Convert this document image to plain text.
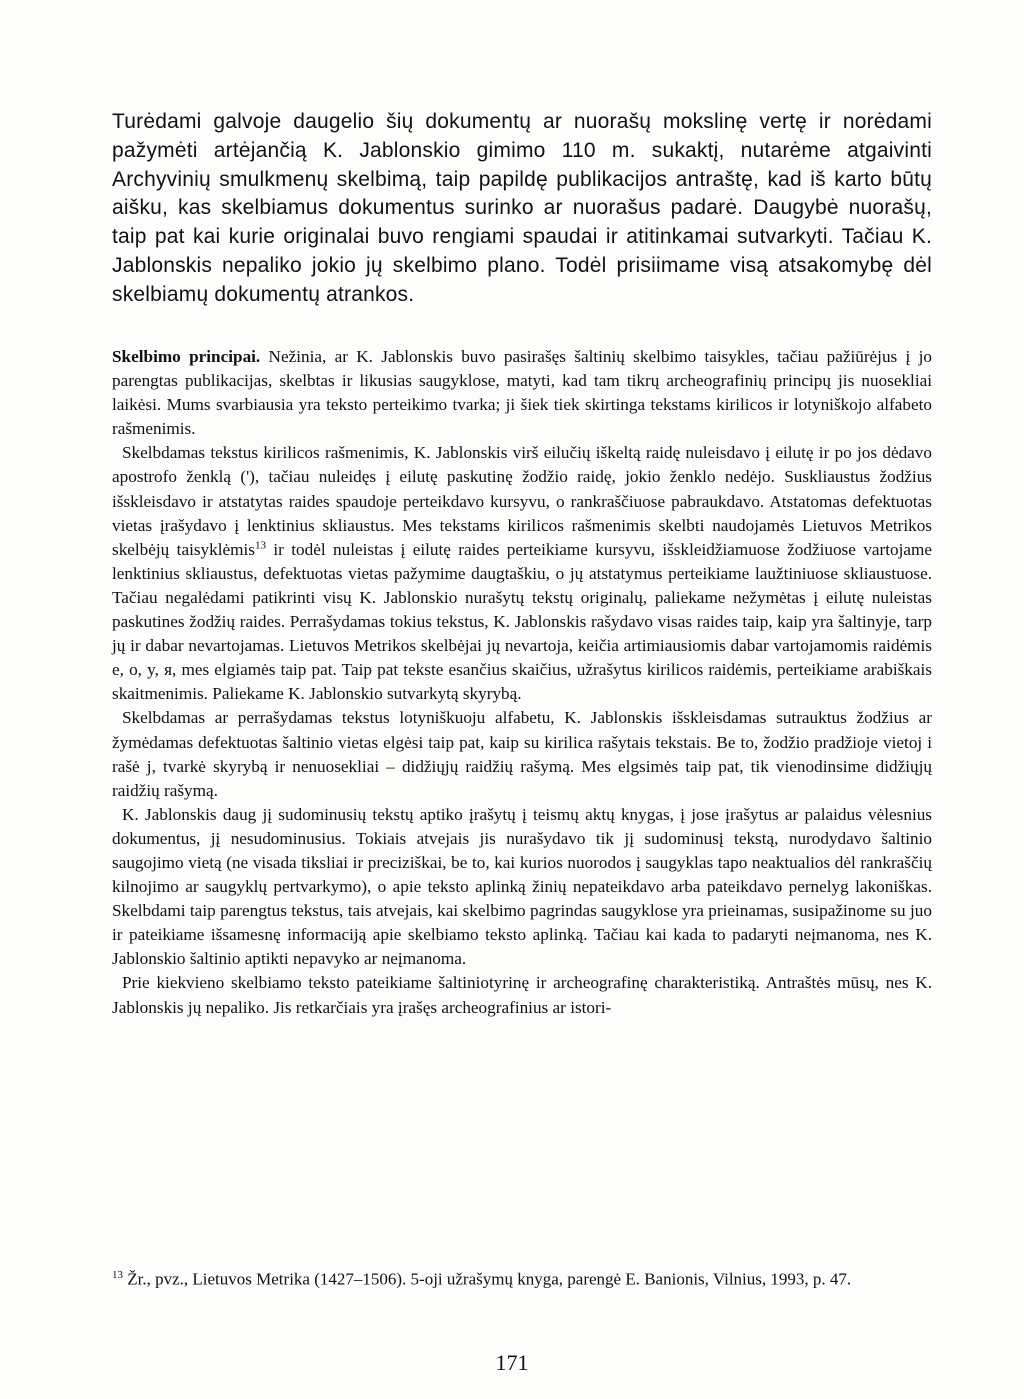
Turėdami galvoje daugelio šių dokumentų ar nuorašų mokslinę vertę ir norėdami pažymėti artėjančią K. Jablonskio gimimo 110 m. sukaktį, nutarėme atgaivinti Archyvinių smulkmenų skelbimą, taip papildę publikacijos antraštę, kad iš karto būtų aišku, kas skelbiamus dokumentus surinko ar nuorašus padarė. Daugybė nuorašų, taip pat kai kurie originalai buvo rengiami spaudai ir atitinkamai sutvarkyti. Tačiau K. Jablonskis nepaliko jokio jų skelbimo plano. Todėl prisiimame visą atsakomybę dėl skelbiamų dokumentų atrankos.

Skelbimo principai. Nežinia, ar K. Jablonskis buvo pasirašęs šaltinių skelbimo taisykles, tačiau pažiūrėjus į jo parengtas publikacijas, skelbtas ir likusias saugyklose, matyti, kad tam tikrų archeografinių principų jis nuosekliai laikėsi. Mums svarbiausia yra teksto perteikimo tvarka; ji šiek tiek skirtinga tekstams kirilicos ir lotyniškojo alfabeto rašmenimis.

Skelbdamas tekstus kirilicos rašmenimis, K. Jablonskis virš eilučių iškeltą raidę nuleisdavo į eilutę ir po jos dėdavo apostrofo ženklą ('), tačiau nuleidęs į eilutę paskutinę žodžio raidę, jokio ženklo nedėjo. Suskliaustus žodžius išskleisdavo ir atstatytas raides spaudoje perteikdavo kursyvu, o rankraščiuose pabraukdavo. Atstatomas defektuotas vietas įrašydavo į lenktinius skliaustus. Mes tekstams kirilicos rašmenimis skelbti naudojamės Lietuvos Metrikos skelbėjų taisyklėmis$^{13}$ ir todėl nuleistas į eilutę raides perteikiame kursyvu, išskleidžiamuose žodžiuose vartojame lenktinius skliaustus, defektuotas vietas pažymime daugtaškiu, o jų atstatymus perteikiame laužtiniuose skliaustuose. Tačiau negalėdami patikrinti visų K. Jablonskio nurašytų tekstų originalų, paliekame nežymėtas į eilutę nuleistas paskutines žodžių raides. Perrašydamas tokius tekstus, K. Jablonskis rašydavo visas raides taip, kaip yra šaltinyje, tarp jų ir dabar nevartojamas. Lietuvos Metrikos skelbėjai jų nevartoja, keičia artimiausiomis dabar vartojamomis raidėmis e, o, y, я, mes elgiamės taip pat. Taip pat tekste esančius skaičius, užrašytus kirilicos raidėmis, perteikiame arabiškais skaitmenimis. Paliekame K. Jablonskio sutvarkytą skyrybą.

Skelbdamas ar perrašydamas tekstus lotyniškuoju alfabetu, K. Jablonskis išskleisdamas sutrauktus žodžius ar žymėdamas defektuotas šaltinio vietas elgėsi taip pat, kaip su kirilica rašytais tekstais. Be to, žodžio pradžioje vietoj i rašė j, tvarkė skyrybą ir nenuosekliai – didžiųjų raidžių rašymą. Mes elgsimės taip pat, tik vienodinsime didžiųjų raidžių rašymą.

K. Jablonskis daug jį sudominusių tekstų aptiko įrašytų į teismų aktų knygas, į jose įrašytus ar palaidus vėlesnius dokumentus, jį nesudominusius. Tokiais atvejais jis nurašydavo tik jį sudominusį tekstą, nurodydavo šaltinio saugojimo vietą (ne visada tiksliai ir preciziškai, be to, kai kurios nuorodos į saugyklas tapo neaktualios dėl rankraščių kilnojimo ar saugyklų pertvarkymo), o apie teksto aplinką žinių nepateikdavo arba pateikdavo pernelyg lakoniškas. Skelbdami taip parengtus tekstus, tais atvejais, kai skelbimo pagrindas saugyklose yra prieinamas, susipažinome su juo ir pateikiame išsamesnę informaciją apie skelbiamo teksto aplinką. Tačiau kai kada to padaryti neįmanoma, nes K. Jablonskio šaltinio aptikti nepavyko ar neįmanoma.

Prie kiekvieno skelbiamo teksto pateikiame šaltiniotyrinę ir archeografinę charakteristiką. Antraštės mūsų, nes K. Jablonskis jų nepaliko. Jis retkarčiais yra įrašęs archeografinius ar istori-

$^{13}$ Žr., pvz., Lietuvos Metrika (1427–1506). 5-oji užrašymų knyga, parengė E. Banionis, Vilnius, 1993, p. 47.

171
